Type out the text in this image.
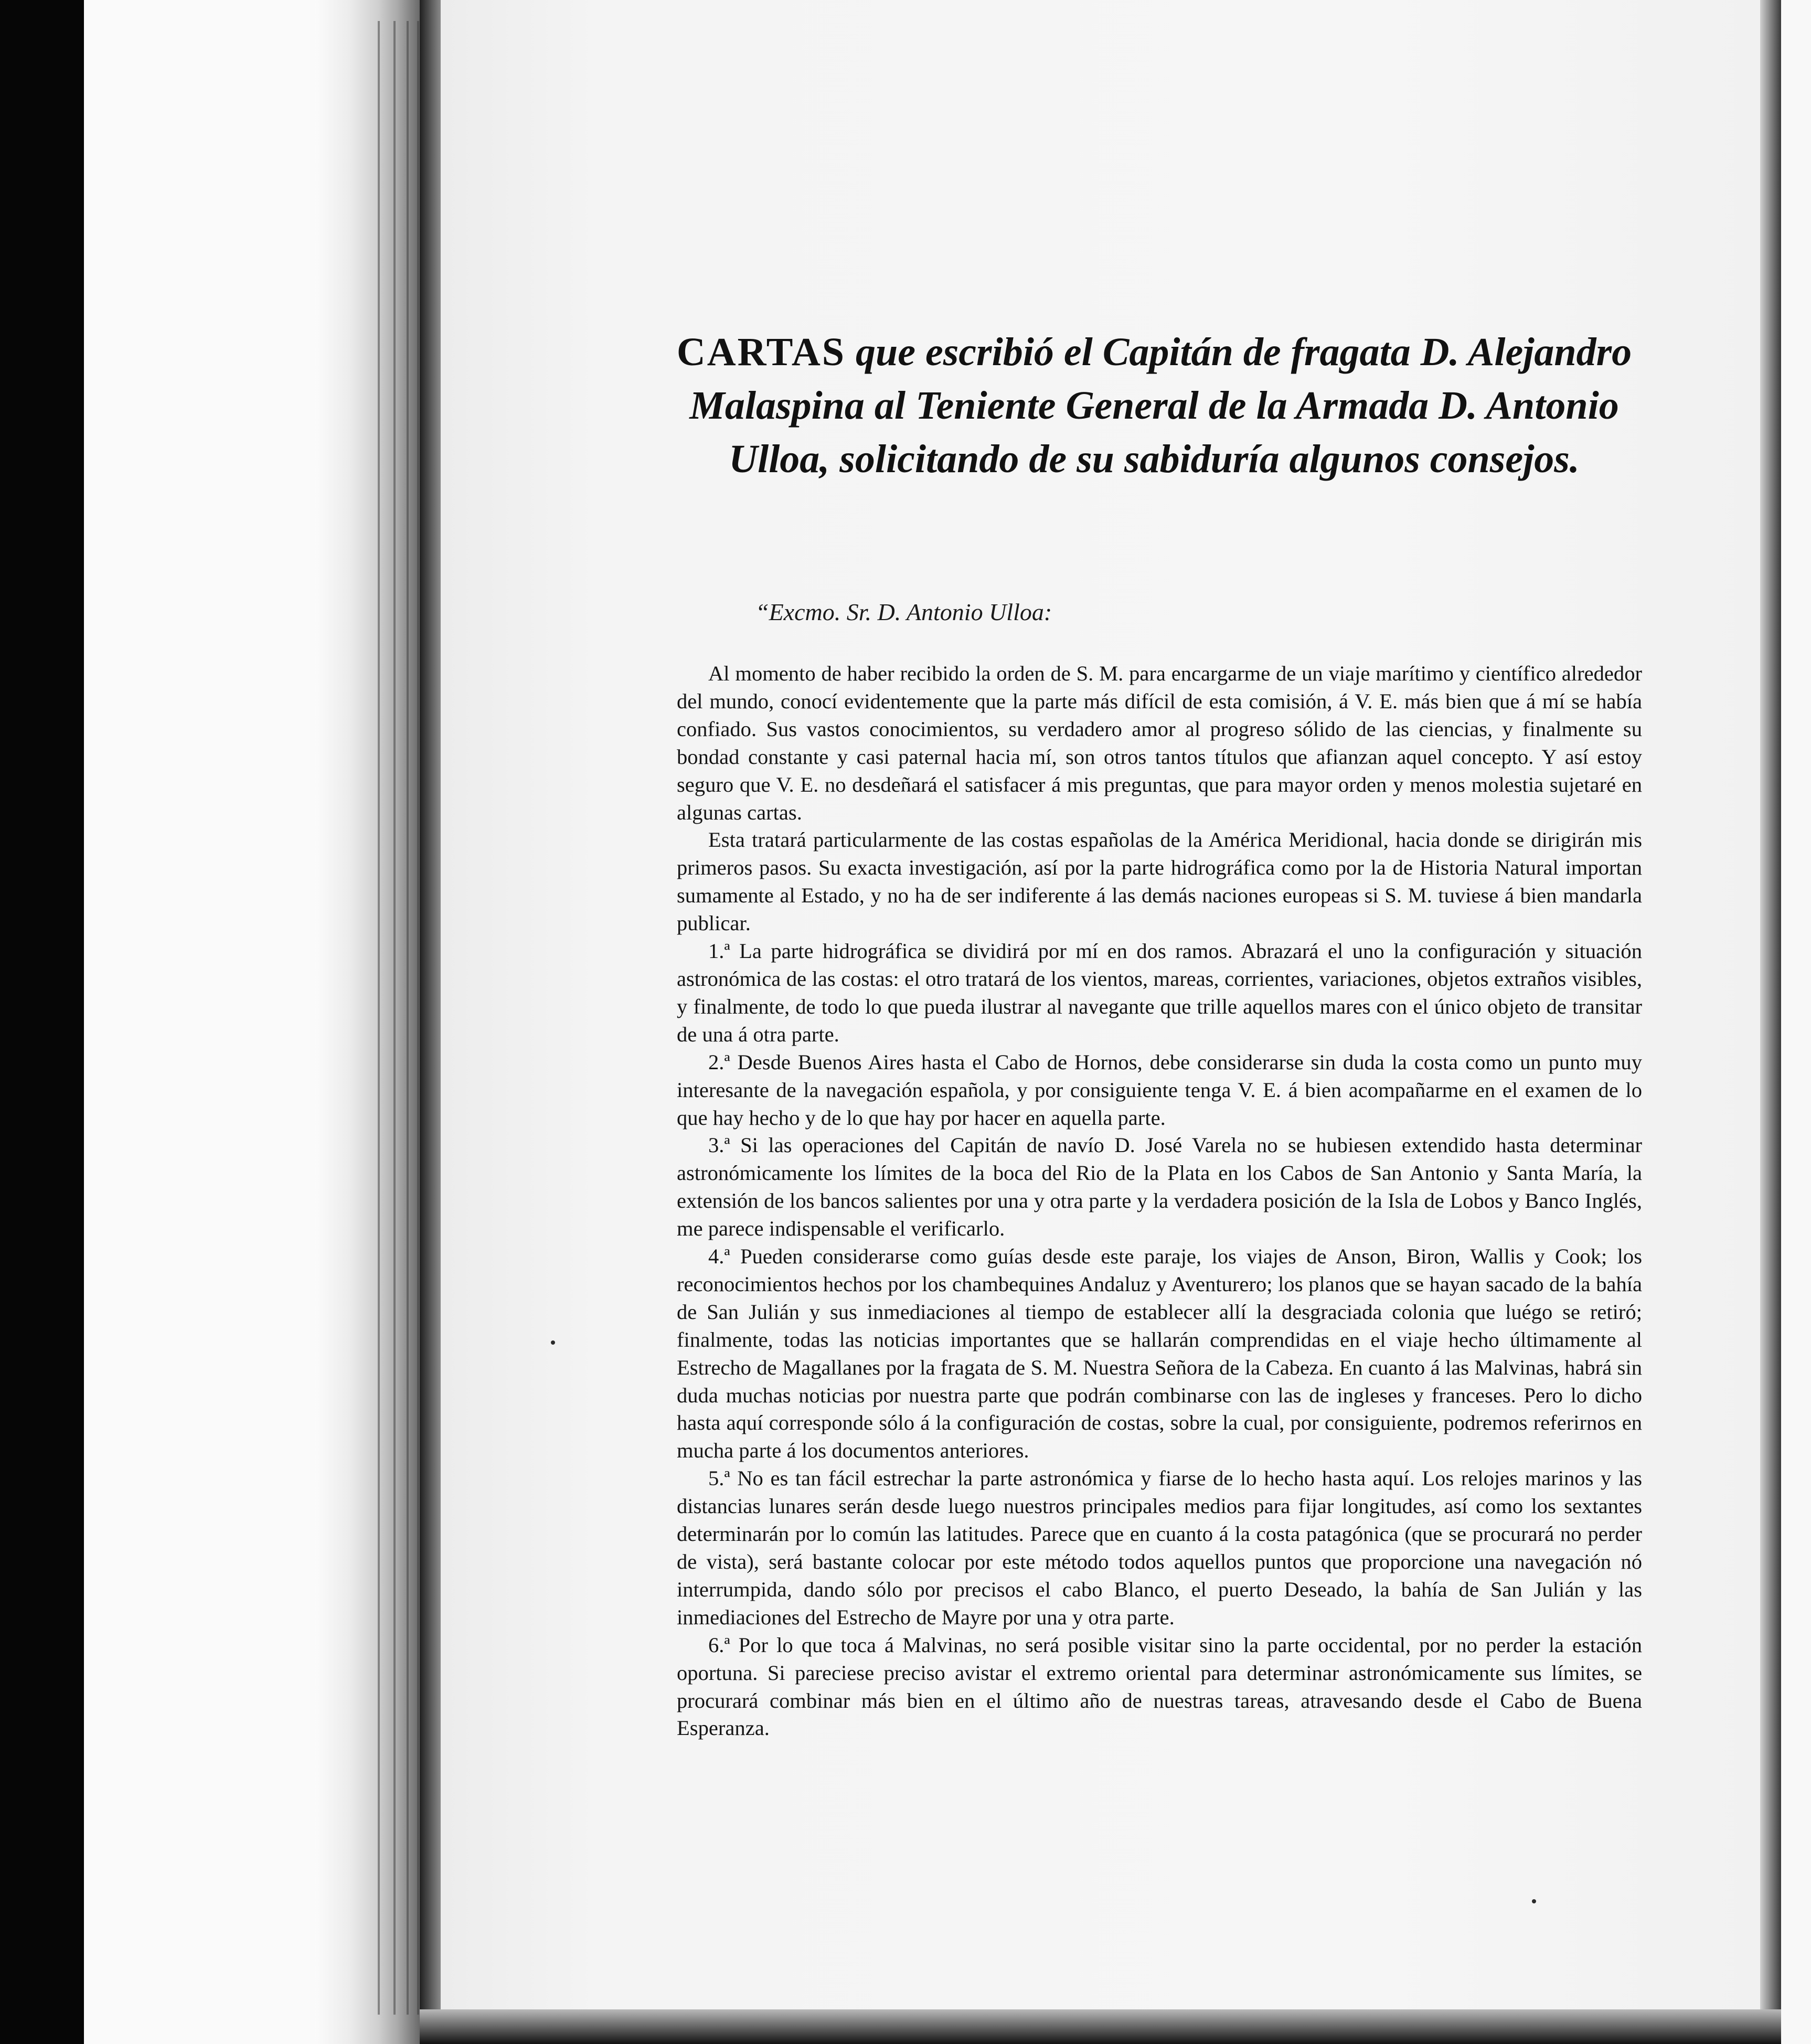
CARTAS que escribió el Capitán de fragata D. Alejandro Malaspina al Teniente General de la Armada D. Antonio Ulloa, solicitando de su sabiduría algunos consejos.

“Excmo. Sr. D. Antonio Ulloa:

Al momento de haber recibido la orden de S. M. para encargarme de un viaje marítimo y científico alrededor del mundo, conocí evidentemente que la parte más difícil de esta comisión, á V. E. más bien que á mí se había confiado. Sus vastos conocimientos, su verdadero amor al progreso sólido de las ciencias, y finalmente su bondad constante y casi paternal hacia mí, son otros tantos títulos que afianzan aquel concepto. Y así estoy seguro que V. E. no desdeñará el satisfacer á mis preguntas, que para mayor orden y menos molestia sujetaré en algunas cartas.

Esta tratará particularmente de las costas españolas de la América Meridional, hacia donde se dirigirán mis primeros pasos. Su exacta investigación, así por la parte hidrográfica como por la de Historia Natural importan sumamente al Estado, y no ha de ser indiferente á las demás naciones europeas si S. M. tuviese á bien mandarla publicar.

1.ª La parte hidrográfica se dividirá por mí en dos ramos. Abrazará el uno la configuración y situación astronómica de las costas: el otro tratará de los vientos, mareas, corrientes, variaciones, objetos extraños visibles, y finalmente, de todo lo que pueda ilustrar al navegante que trille aquellos mares con el único objeto de transitar de una á otra parte.

2.ª Desde Buenos Aires hasta el Cabo de Hornos, debe considerarse sin duda la costa como un punto muy interesante de la navegación española, y por consiguiente tenga V. E. á bien acompañarme en el examen de lo que hay hecho y de lo que hay por hacer en aquella parte.

3.ª Si las operaciones del Capitán de navío D. José Varela no se hubiesen extendido hasta determinar astronómicamente los límites de la boca del Rio de la Plata en los Cabos de San Antonio y Santa María, la extensión de los bancos salientes por una y otra parte y la verdadera posición de la Isla de Lobos y Banco Inglés, me parece indispensable el verificarlo.

4.ª Pueden considerarse como guías desde este paraje, los viajes de Anson, Biron, Wallis y Cook; los reconocimientos hechos por los chambequines Andaluz y Aventurero; los planos que se hayan sacado de la bahía de San Julián y sus inmediaciones al tiempo de establecer allí la desgraciada colonia que luégo se retiró; finalmente, todas las noticias importantes que se hallarán comprendidas en el viaje hecho últimamente al Estrecho de Magallanes por la fragata de S. M. Nuestra Señora de la Cabeza. En cuanto á las Malvinas, habrá sin duda muchas noticias por nuestra parte que podrán combinarse con las de ingleses y franceses. Pero lo dicho hasta aquí corresponde sólo á la configuración de costas, sobre la cual, por consiguiente, podremos referirnos en mucha parte á los documentos anteriores.

5.ª No es tan fácil estrechar la parte astronómica y fiarse de lo hecho hasta aquí. Los relojes marinos y las distancias lunares serán desde luego nuestros principales medios para fijar longitudes, así como los sextantes determinarán por lo común las latitudes. Parece que en cuanto á la costa patagónica (que se procurará no perder de vista), será bastante colocar por este método todos aquellos puntos que proporcione una navegación nó interrumpida, dando sólo por precisos el cabo Blanco, el puerto Deseado, la bahía de San Julián y las inmediaciones del Estrecho de Mayre por una y otra parte.

6.ª Por lo que toca á Malvinas, no será posible visitar sino la parte occidental, por no perder la estación oportuna. Si pareciese preciso avistar el extremo oriental para determinar astronómicamente sus límites, se procurará combinar más bien en el último año de nuestras tareas, atravesando desde el Cabo de Buena Esperanza.
